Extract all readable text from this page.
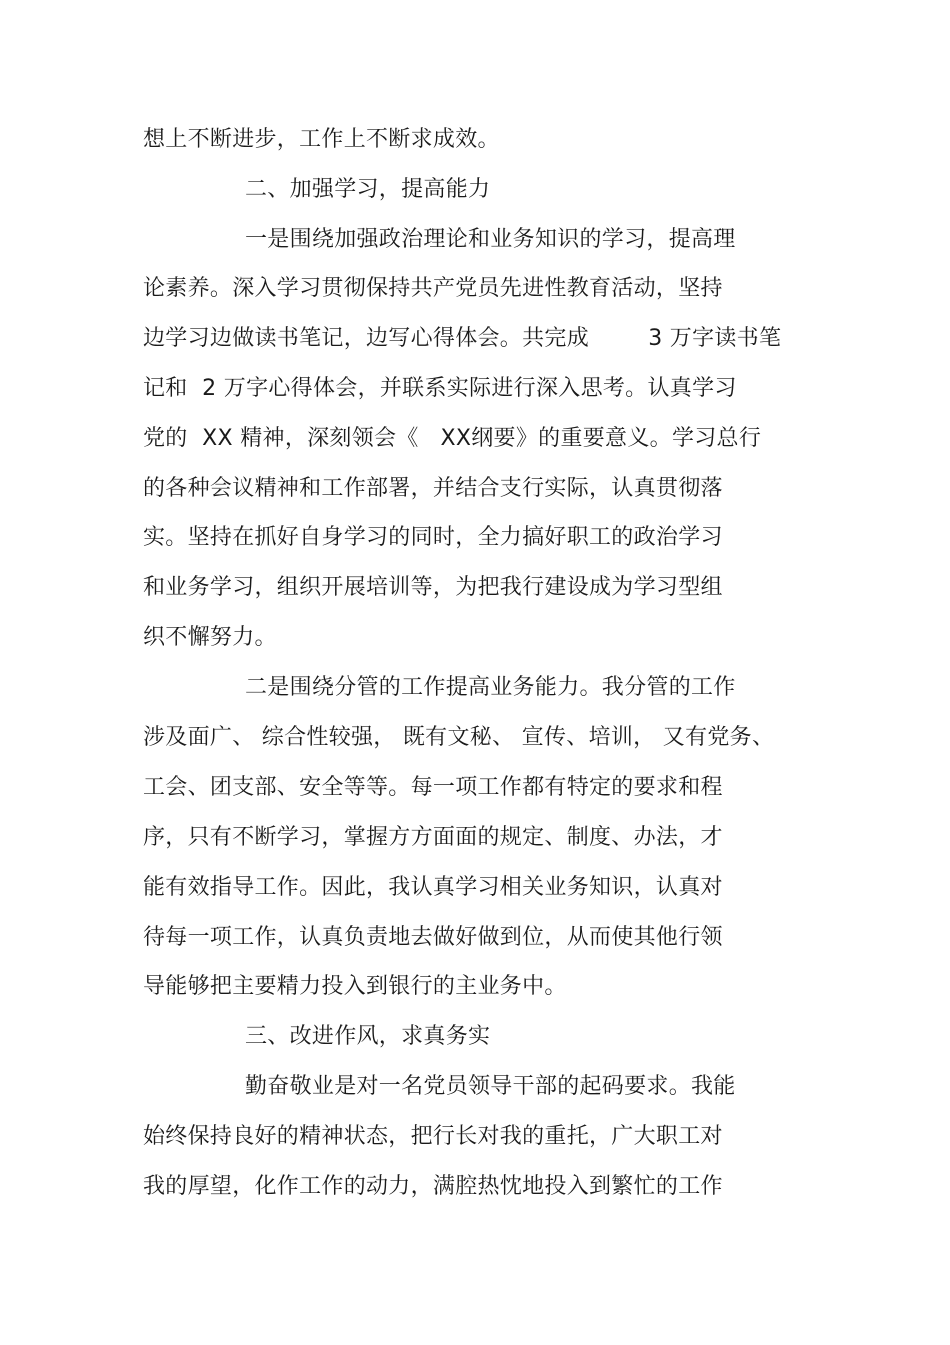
想上不断进步，工作上不断求成效。
二、加强学习，提高能力
一是围绕加强政治理论和业务知识的学习，提高理
论素养。深入学习贯彻保持共产党员先进性教育活动，坚持
边学习边做读书笔记，边写心得体会。共完成　　  3 万字读书笔
记和  2 万字心得体会，并联系实际进行深入思考。认真学习
党的  XX 精神，深刻领会《   XX纲要》的重要意义。学习总行
的各种会议精神和工作部署，并结合支行实际，认真贯彻落
实。坚持在抓好自身学习的同时，全力搞好职工的政治学习
和业务学习，组织开展培训等，为把我行建设成为学习型组
织不懈努力。
二是围绕分管的工作提高业务能力。我分管的工作
涉及面广、 综合性较强， 既有文秘、 宣传、培训， 又有党务、
工会、团支部、安全等等。每一项工作都有特定的要求和程
序，只有不断学习，掌握方方面面的规定、制度、办法，才
能有效指导工作。因此，我认真学习相关业务知识，认真对
待每一项工作，认真负责地去做好做到位，从而使其他行领
导能够把主要精力投入到银行的主业务中。
三、改进作风，求真务实
勤奋敬业是对一名党员领导干部的起码要求。我能
始终保持良好的精神状态，把行长对我的重托，广大职工对
我的厚望，化作工作的动力，满腔热忱地投入到繁忙的工作
